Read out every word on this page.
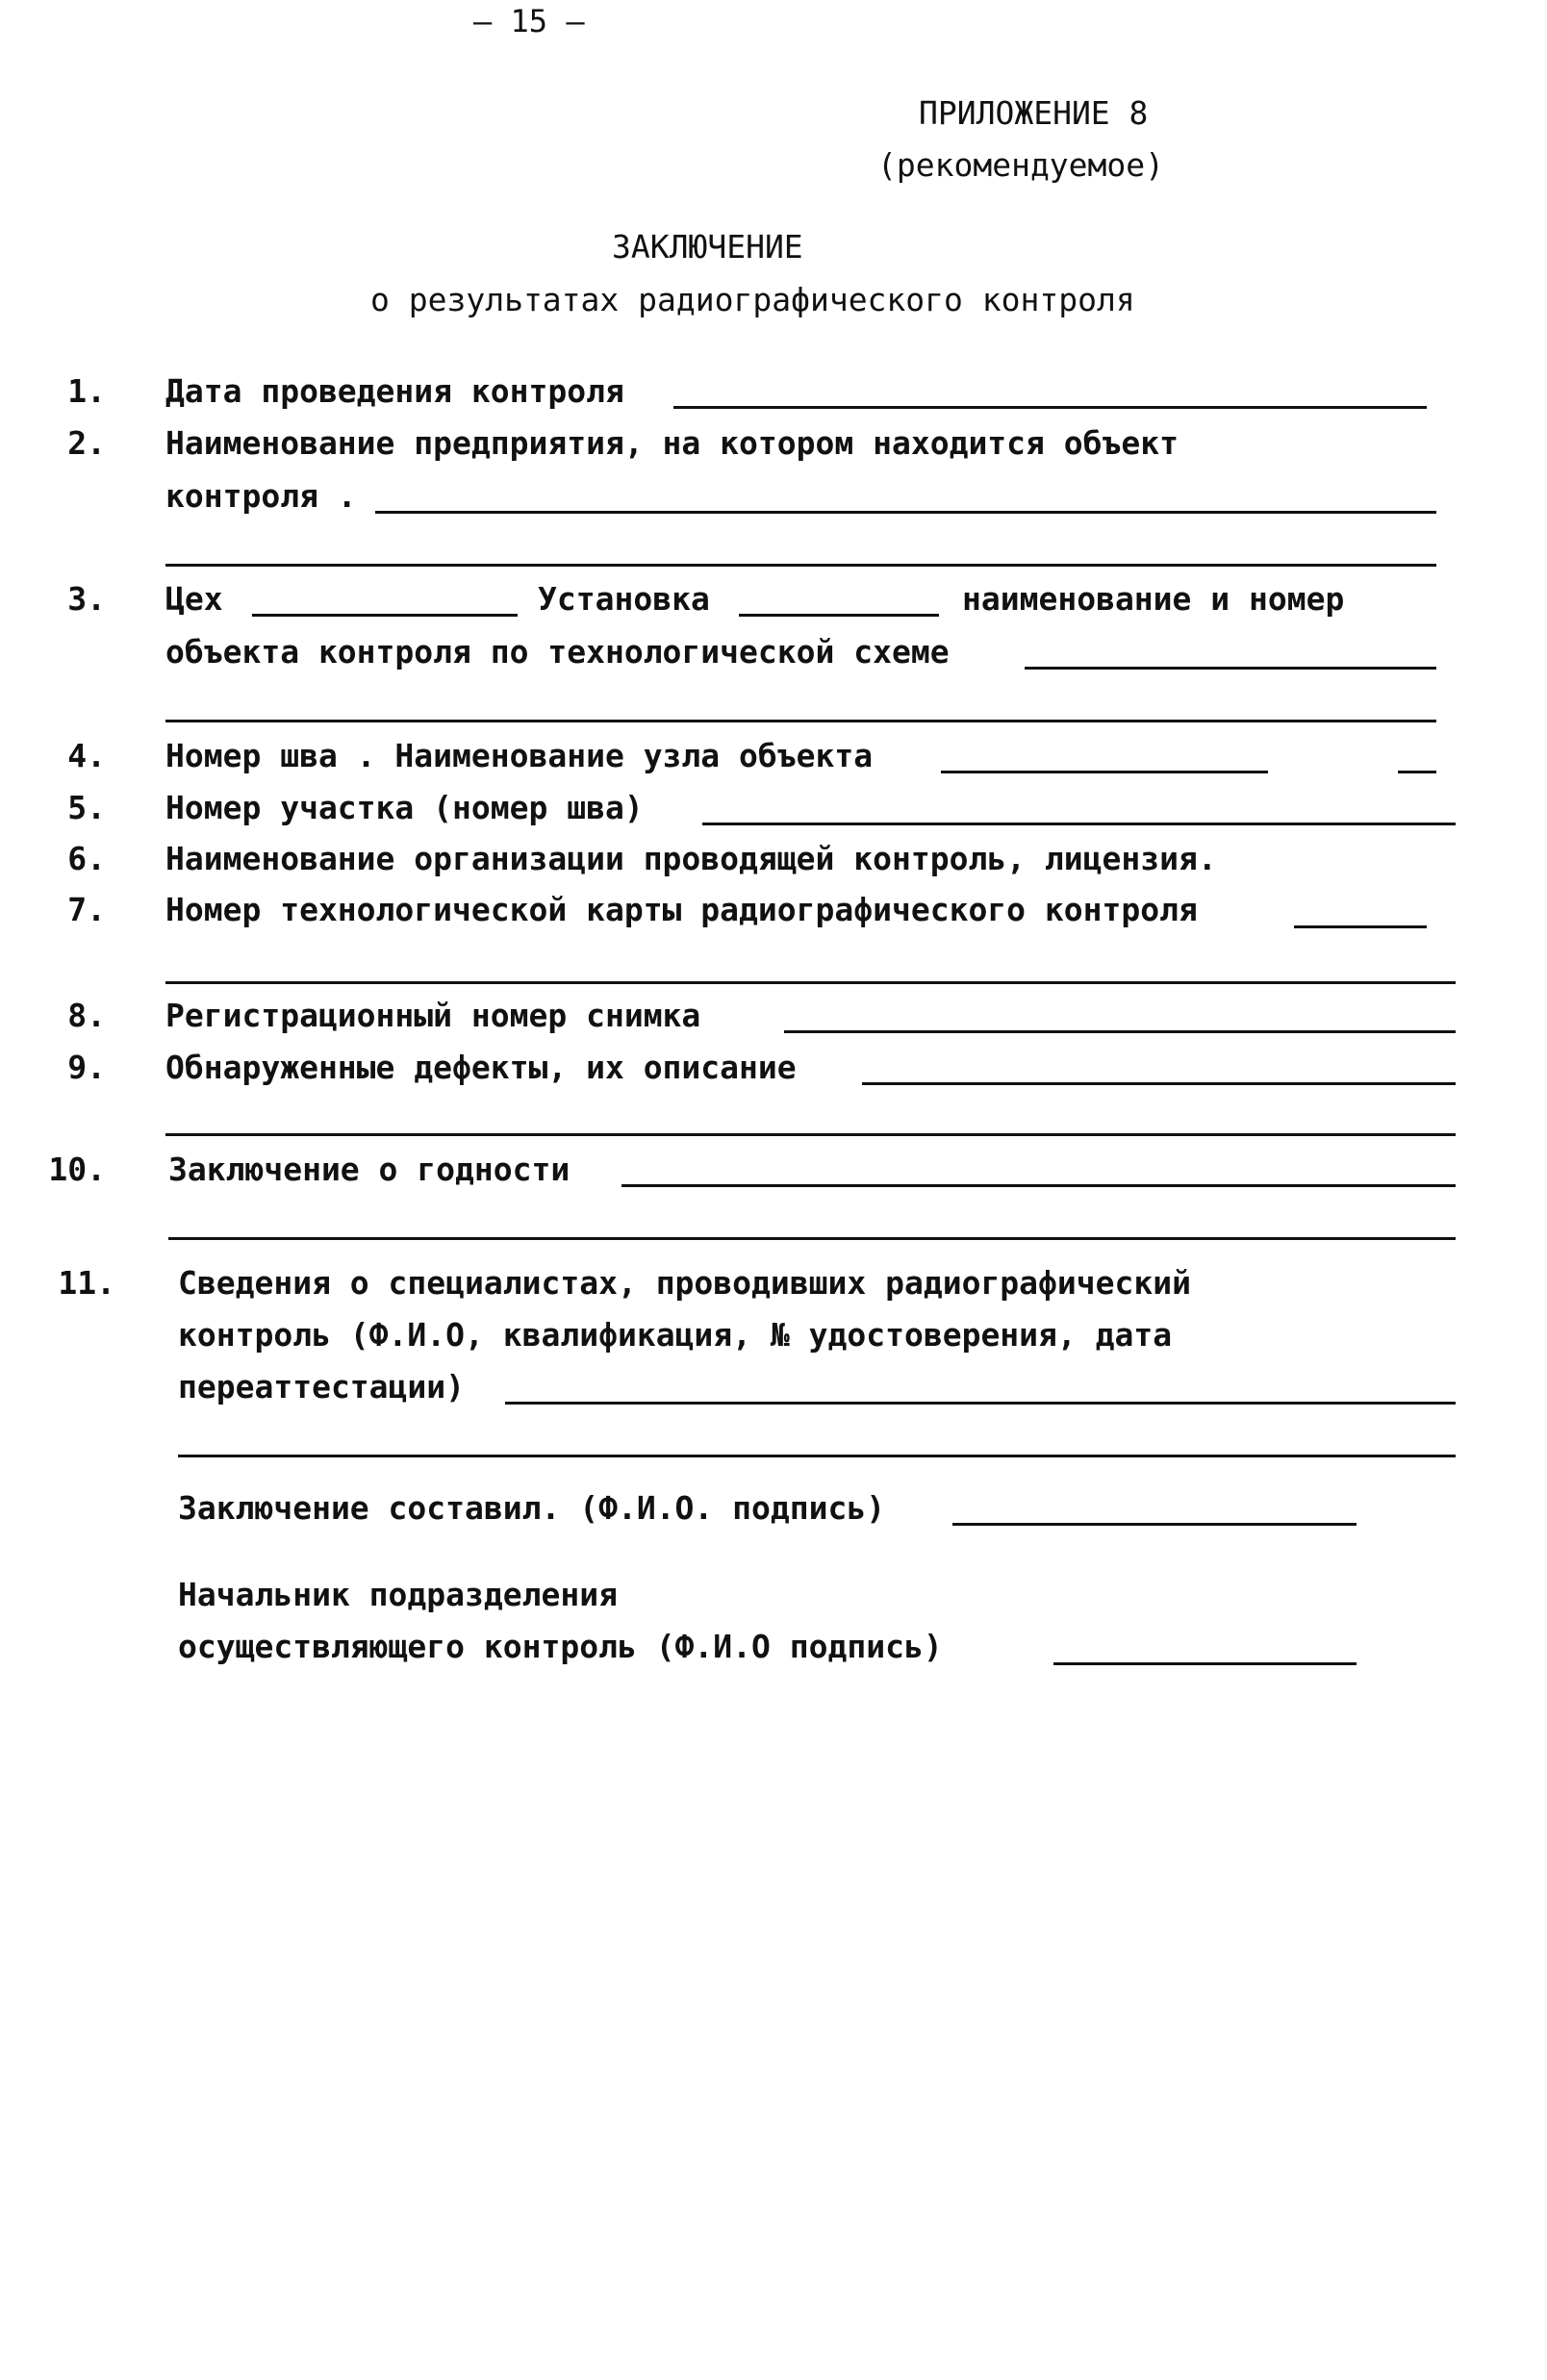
— 15 —
ПРИЛОЖЕНИЕ 8
(рекомендуемое)
ЗАКЛЮЧЕНИЕ
о результатах радиографического контроля
1. Дата проведения контроля
2. Наименование предприятия, на котором находится объект
контроля .
3. Цех	Установка	наименование и номер
объекта контроля по технологической схеме
4. Номер шва . Наименование узла объекта
5. Номер участка (номер шва)
6. Наименование организации проводящей контроль, лицензия.
7. Номер технологической карты радиографического контроля
8. Регистрационный номер снимка
9. Обнаруженные дефекты, их описание
10. Заключение о годности
11. Сведения о специалистах, проводивших радиографический
контроль (Ф.И.О, квалификация, № удостоверения, дата
переаттестации)
Заключение составил. (Ф.И.О. подпись)
Начальник подразделения
осуществляющего контроль (Ф.И.О подпись)
